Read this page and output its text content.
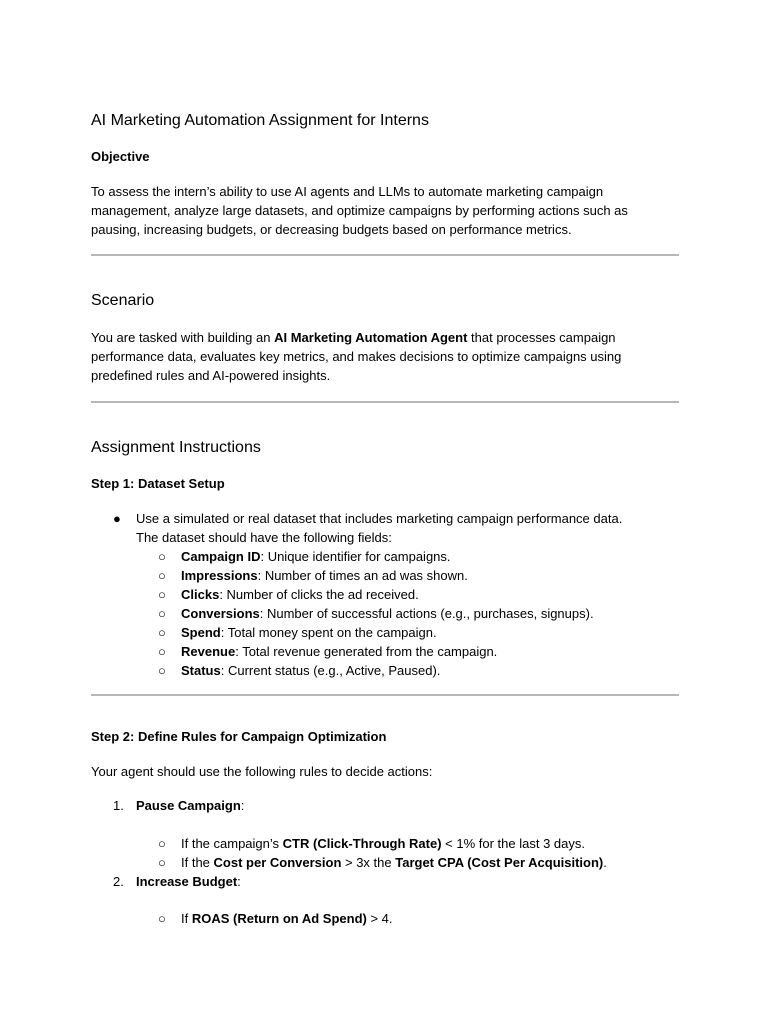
AI Marketing Automation Assignment for Interns
Objective
To assess the intern’s ability to use AI agents and LLMs to automate marketing campaign
management, analyze large datasets, and optimize campaigns by performing actions such as
pausing, increasing budgets, or decreasing budgets based on performance metrics.
Scenario
You are tasked with building an AI Marketing Automation Agent that processes campaign
performance data, evaluates key metrics, and makes decisions to optimize campaigns using
predefined rules and AI-powered insights.
Assignment Instructions
Step 1: Dataset Setup
● Use a simulated or real dataset that includes marketing campaign performance data.
The dataset should have the following fields:
○ Campaign ID: Unique identifier for campaigns.
○ Impressions: Number of times an ad was shown.
○ Clicks: Number of clicks the ad received.
○ Conversions: Number of successful actions (e.g., purchases, signups).
○ Spend: Total money spent on the campaign.
○ Revenue: Total revenue generated from the campaign.
○ Status: Current status (e.g., Active, Paused).
Step 2: Define Rules for Campaign Optimization
Your agent should use the following rules to decide actions:
1. Pause Campaign:
○ If the campaign’s CTR (Click-Through Rate) < 1% for the last 3 days.
○ If the Cost per Conversion > 3x the Target CPA (Cost Per Acquisition).
2. Increase Budget:
○ If ROAS (Return on Ad Spend) > 4.
